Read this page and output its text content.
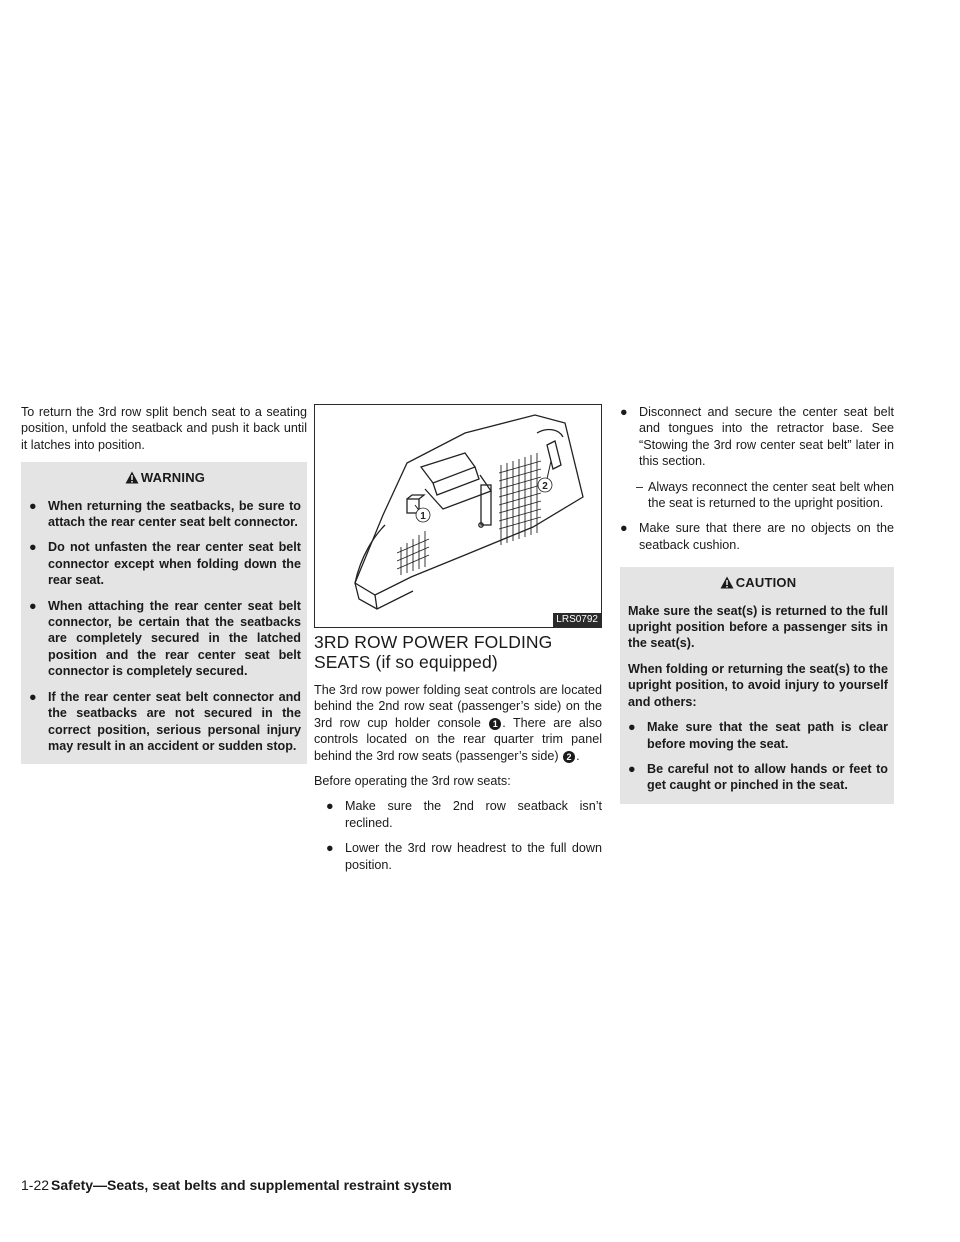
To return the 3rd row split bench seat to a seating position, unfold the seatback and push it back until it latches into position.

WARNING
● When returning the seatbacks, be sure to attach the rear center seat belt connector.
● Do not unfasten the rear center seat belt connector except when folding down the rear seat.
● When attaching the rear center seat belt connector, be certain that the seatbacks are completely secured in the latched position and the rear center seat belt connector is completely secured.
● If the rear center seat belt connector and the seatbacks are not secured in the correct position, serious personal injury may result in an accident or sudden stop.
1
2
LRS0792
3RD ROW POWER FOLDING
SEATS (if so equipped)

The 3rd row power folding seat controls are located behind the 2nd row seat (passenger’s side) on the 3rd row cup holder console 1 . There are also controls located on the rear quarter trim panel behind the 3rd row seats (passenger’s side) 2 .

Before operating the 3rd row seats:

● Make sure the 2nd row seatback isn’t reclined.
● Lower the 3rd row headrest to the full down position.
● Disconnect and secure the center seat belt and tongues into the retractor base. See “Stowing the 3rd row center seat belt” later in this section.
– Always reconnect the center seat belt when the seat is returned to the upright position.
● Make sure that there are no objects on the seatback cushion.
CAUTION

Make sure the seat(s) is returned to the full upright position before a passenger sits in the seat(s).

When folding or returning the seat(s) to the upright position, to avoid injury to yourself and others:

● Make sure that the seat path is clear before moving the seat.
● Be careful not to allow hands or feet to get caught or pinched in the seat.
1-22 Safety—Seats, seat belts and supplemental restraint system
